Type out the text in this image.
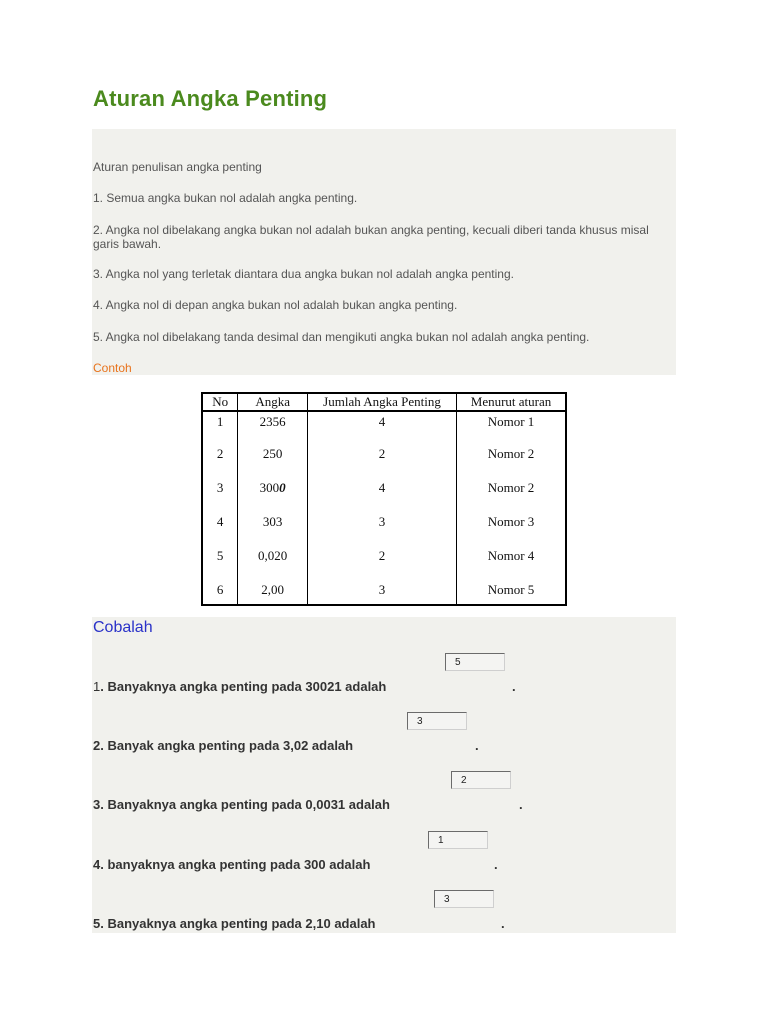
Aturan Angka Penting

Aturan penulisan angka penting

1. Semua angka bukan nol adalah angka penting.

2. Angka nol dibelakang angka bukan nol adalah bukan angka penting, kecuali diberi tanda khusus misal garis bawah.

3. Angka nol yang terletak diantara dua angka bukan nol adalah angka penting.

4. Angka nol di depan angka bukan nol adalah bukan angka penting.

5. Angka nol dibelakang tanda desimal dan mengikuti angka bukan nol adalah angka penting.

Contoh

No	Angka	Jumlah Angka Penting	Menurut aturan
1	2356	4	Nomor 1
2	250	2	Nomor 2
3	3000	4	Nomor 2
4	303	3	Nomor 3
5	0,020	2	Nomor 4
6	2,00	3	Nomor 5
Cobalah
5

1. Banyaknya angka penting pada 30021 adalah	.
3

2. Banyak angka penting pada 3,02 adalah	.
2

3. Banyaknya angka penting pada 0,0031 adalah	.
1

4. banyaknya angka penting pada 300 adalah	.
3

5. Banyaknya angka penting pada 2,10 adalah	.
